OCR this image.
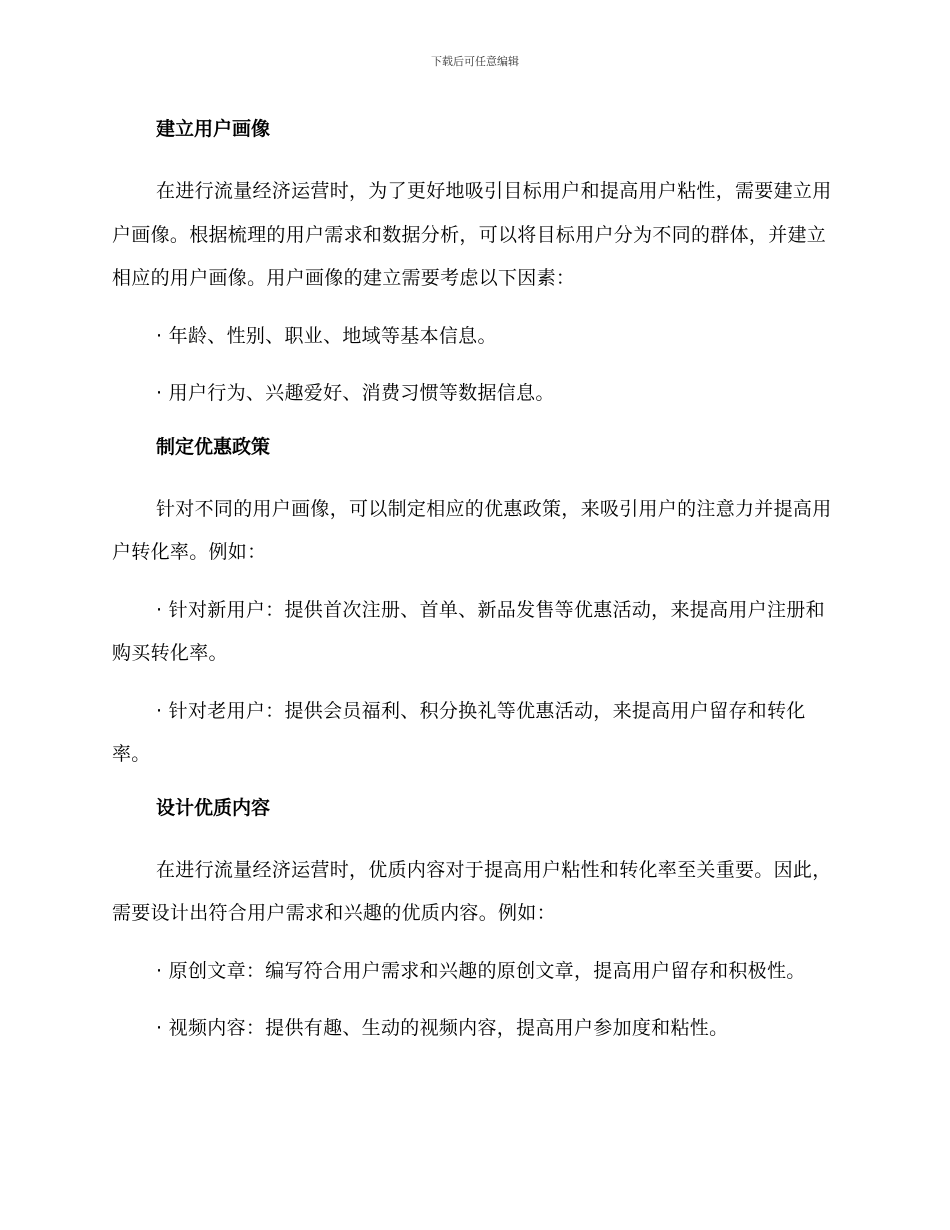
下载后可任意编辑
建立用户画像

在进行流量经济运营时，为了更好地吸引目标用户和提高用户粘性，需要建立用户画像。根据梳理的用户需求和数据分析，可以将目标用户分为不同的群体，并建立相应的用户画像。用户画像的建立需要考虑以下因素：

· 年龄、性别、职业、地域等基本信息。

· 用户行为、兴趣爱好、消费习惯等数据信息。

制定优惠政策

针对不同的用户画像，可以制定相应的优惠政策，来吸引用户的注意力并提高用户转化率。例如：

· 针对新用户：提供首次注册、首单、新品发售等优惠活动，来提高用户注册和购买转化率。

· 针对老用户：提供会员福利、积分换礼等优惠活动，来提高用户留存和转化率。

设计优质内容

在进行流量经济运营时，优质内容对于提高用户粘性和转化率至关重要。因此，需要设计出符合用户需求和兴趣的优质内容。例如：

· 原创文章：编写符合用户需求和兴趣的原创文章，提高用户留存和积极性。

· 视频内容：提供有趣、生动的视频内容，提高用户参加度和粘性。
